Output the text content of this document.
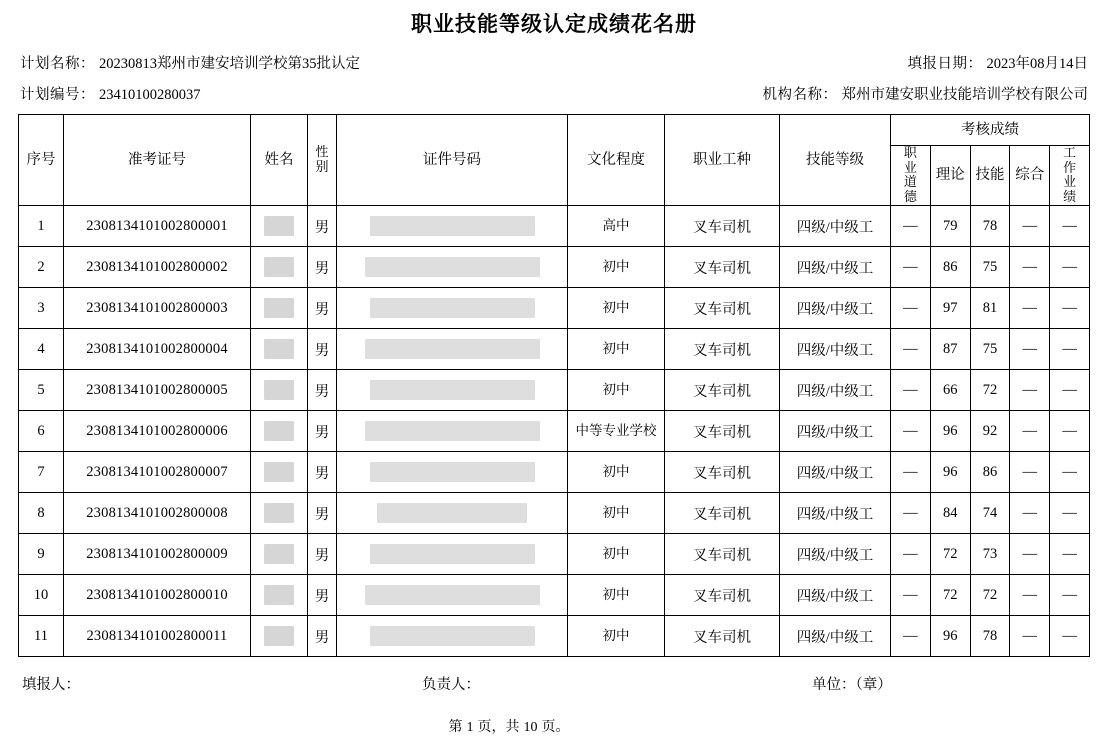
职业技能等级认定成绩花名册
计划名称： 20230813郑州市建安培训学校第35批认定	填报日期： 2023年08月14日
计划编号： 23410100280037	机构名称： 郑州市建安职业技能培训学校有限公司
序号	准考证号	姓名	性别	证件号码	文化程度	职业工种	技能等级	考核成绩				
								职业道德	理论	技能	综合	工作业绩
1	2308134101002800001		男		高中	叉车司机	四级/中级工	—	79	78	—	—
2	2308134101002800002		男		初中	叉车司机	四级/中级工	—	86	75	—	—
3	2308134101002800003		男		初中	叉车司机	四级/中级工	—	97	81	—	—
4	2308134101002800004		男		初中	叉车司机	四级/中级工	—	87	75	—	—
5	2308134101002800005		男		初中	叉车司机	四级/中级工	—	66	72	—	—
6	2308134101002800006		男		中等专业学校	叉车司机	四级/中级工	—	96	92	—	—
7	2308134101002800007		男		初中	叉车司机	四级/中级工	—	96	86	—	—
8	2308134101002800008		男		初中	叉车司机	四级/中级工	—	84	74	—	—
9	2308134101002800009		男		初中	叉车司机	四级/中级工	—	72	73	—	—
10	2308134101002800010		男		初中	叉车司机	四级/中级工	—	72	72	—	—
11	2308134101002800011		男		初中	叉车司机	四级/中级工	—	96	78	—	—
填报人：	负责人：	单位：（章）
第 1 页，共 10 页。
